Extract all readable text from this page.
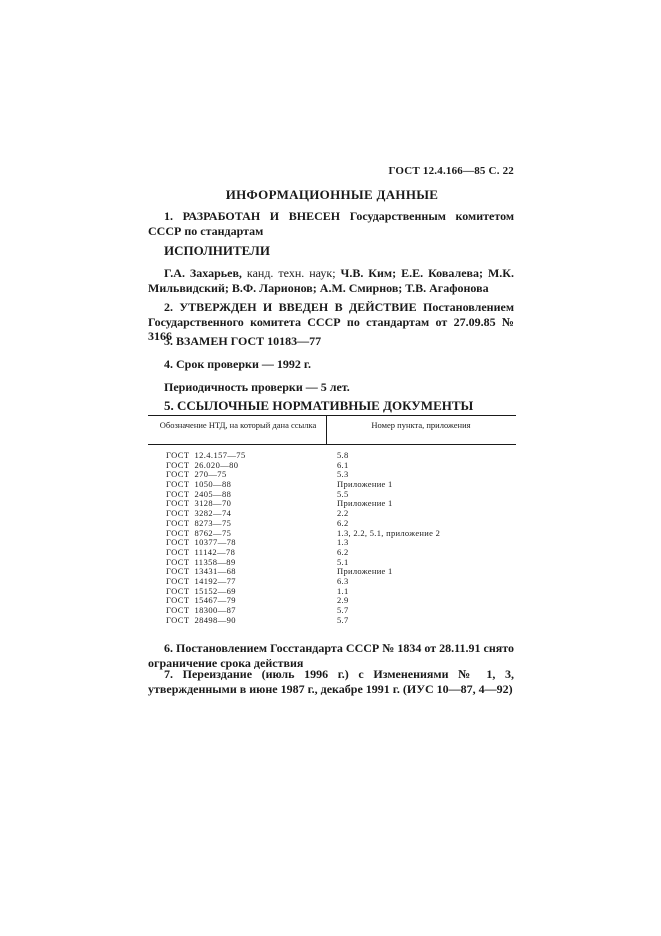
ГОСТ 12.4.166—85 С. 22
ИНФОРМАЦИОННЫЕ ДАННЫЕ
1. РАЗРАБОТАН И ВНЕСЕН Государственным комитетом СССР по стандартам
ИСПОЛНИТЕЛИ
Г.А. Захарьев, канд. техн. наук; Ч.В. Ким; Е.Е. Ковалева; М.К. Мильвидский; В.Ф. Ларионов; А.М. Смирнов; Т.В. Агафонова
2. УТВЕРЖДЕН И ВВЕДЕН В ДЕЙСТВИЕ Постановлением Государственного комитета СССР по стандартам от 27.09.85 № 3166
3. ВЗАМЕН ГОСТ 10183—77
4. Срок проверки — 1992 г.
Периодичность проверки — 5 лет.
5. ССЫЛОЧНЫЕ НОРМАТИВНЫЕ ДОКУМЕНТЫ
Обозначение НТД, на который дана ссылка	Номер пункта, приложения
ГОСТ  12.4.157—75	5.8
ГОСТ  26.020—80	6.1
ГОСТ  270—75	5.3
ГОСТ  1050—88	Приложение 1
ГОСТ  2405—88	5.5
ГОСТ  3128—70	Приложение 1
ГОСТ  3282—74	2.2
ГОСТ  8273—75	6.2
ГОСТ  8762—75	1.3, 2.2, 5.1, приложение 2
ГОСТ  10377—78	1.3
ГОСТ  11142—78	6.2
ГОСТ  11358—89	5.1
ГОСТ  13431—68	Приложение 1
ГОСТ  14192—77	6.3
ГОСТ  15152—69	1.1
ГОСТ  15467—79	2.9
ГОСТ  18300—87	5.7
ГОСТ  28498—90	5.7
6. Постановлением Госстандарта СССР № 1834 от 28.11.91 снято ограничение срока действия
7. Переиздание (июль 1996 г.) с Изменениями № 1, 3, утвержденными в июне 1987 г., декабре 1991 г. (ИУС 10—87, 4—92)
